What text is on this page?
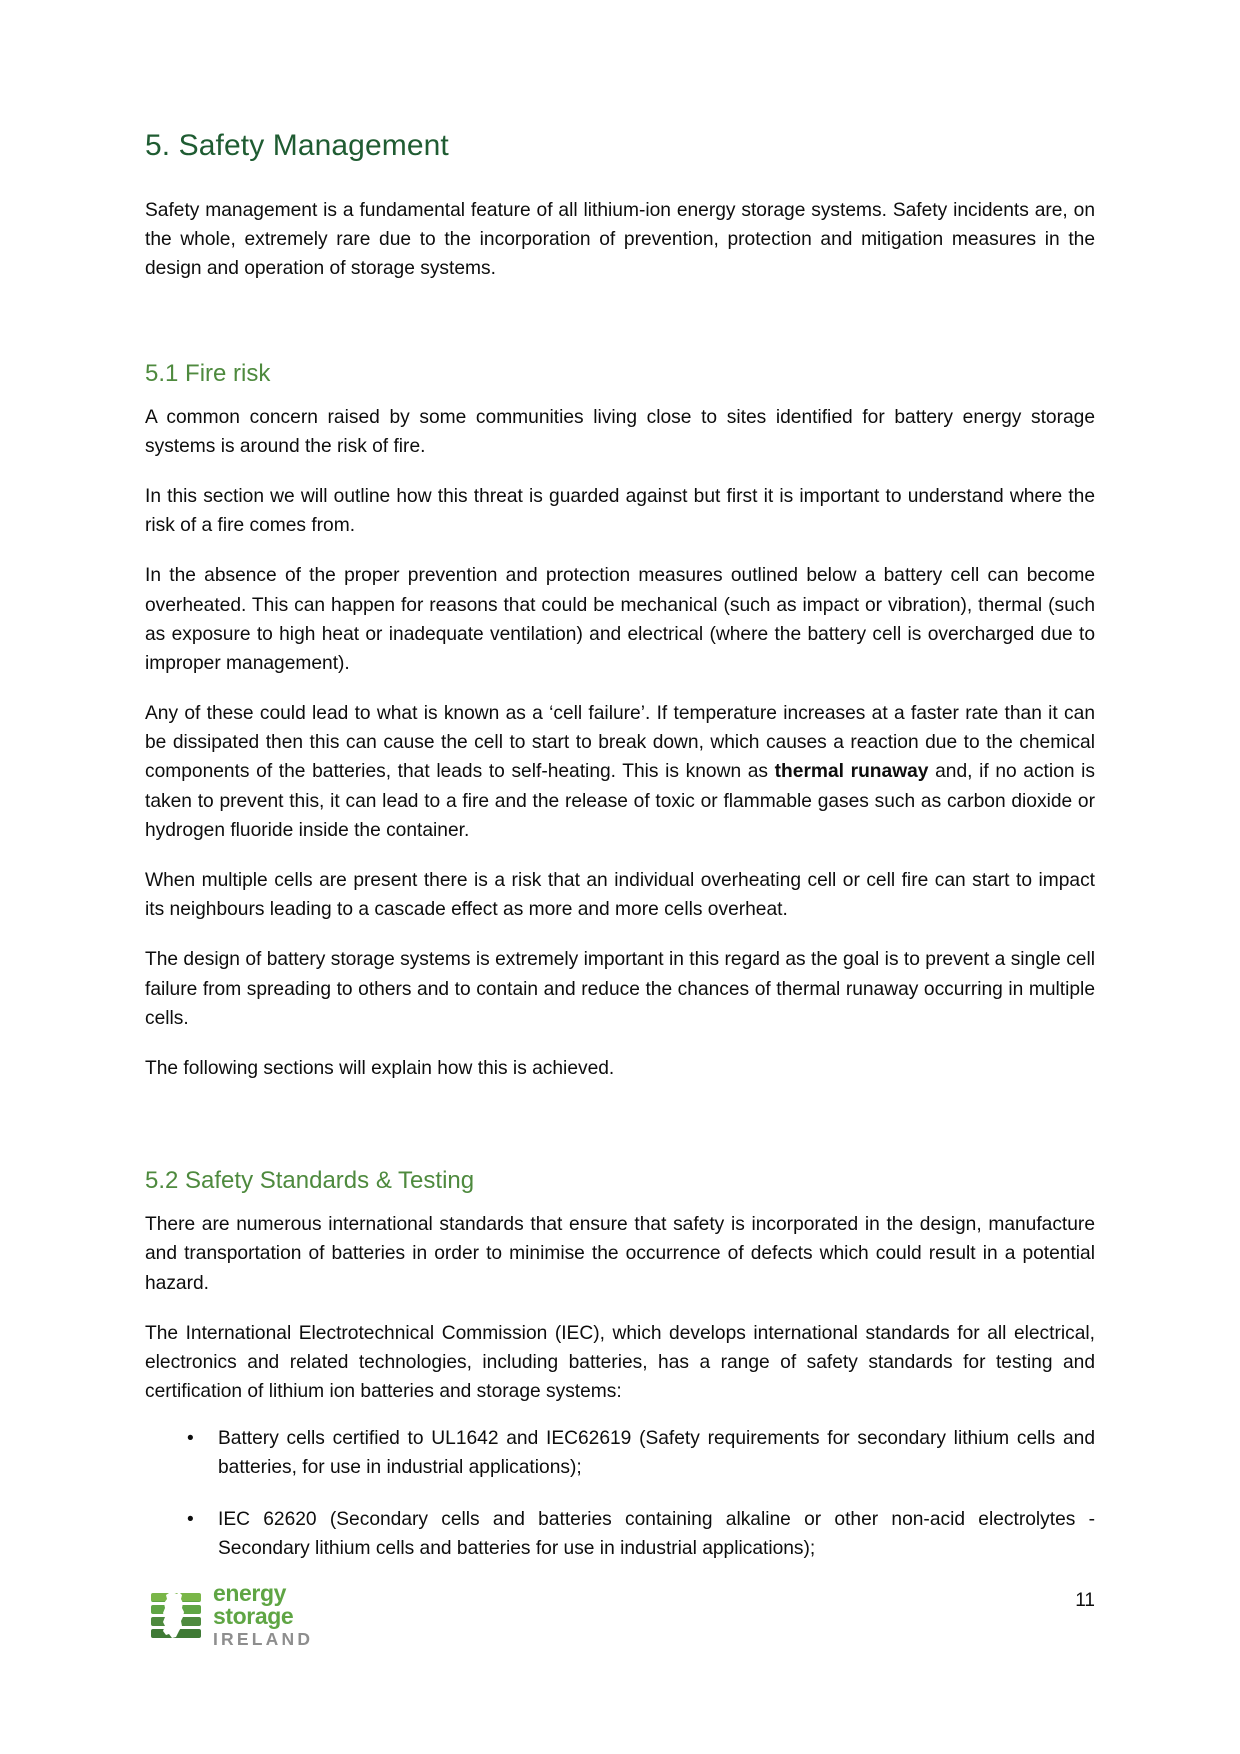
5. Safety Management

Safety management is a fundamental feature of all lithium-ion energy storage systems. Safety incidents are, on the whole, extremely rare due to the incorporation of prevention, protection and mitigation measures in the design and operation of storage systems.

5.1 Fire risk

A common concern raised by some communities living close to sites identified for battery energy storage systems is around the risk of fire.

In this section we will outline how this threat is guarded against but first it is important to understand where the risk of a fire comes from.

In the absence of the proper prevention and protection measures outlined below a battery cell can become overheated. This can happen for reasons that could be mechanical (such as impact or vibration), thermal (such as exposure to high heat or inadequate ventilation) and electrical (where the battery cell is overcharged due to improper management).

Any of these could lead to what is known as a ‘cell failure’. If temperature increases at a faster rate than it can be dissipated then this can cause the cell to start to break down, which causes a reaction due to the chemical components of the batteries, that leads to self-heating. This is known as thermal runaway and, if no action is taken to prevent this, it can lead to a fire and the release of toxic or flammable gases such as carbon dioxide or hydrogen fluoride inside the container.

When multiple cells are present there is a risk that an individual overheating cell or cell fire can start to impact its neighbours leading to a cascade effect as more and more cells overheat.

The design of battery storage systems is extremely important in this regard as the goal is to prevent a single cell failure from spreading to others and to contain and reduce the chances of thermal runaway occurring in multiple cells.

The following sections will explain how this is achieved.

5.2 Safety Standards & Testing

There are numerous international standards that ensure that safety is incorporated in the design, manufacture and transportation of batteries in order to minimise the occurrence of defects which could result in a potential hazard.

The International Electrotechnical Commission (IEC), which develops international standards for all electrical, electronics and related technologies, including batteries, has a range of safety standards for testing and certification of lithium ion batteries and storage systems:

• Battery cells certified to UL1642 and IEC62619 (Safety requirements for secondary lithium cells and batteries, for use in industrial applications);
• IEC 62620 (Secondary cells and batteries containing alkaline or other non-acid electrolytes - Secondary lithium cells and batteries for use in industrial applications);
energy
storage
IRELAND
11
